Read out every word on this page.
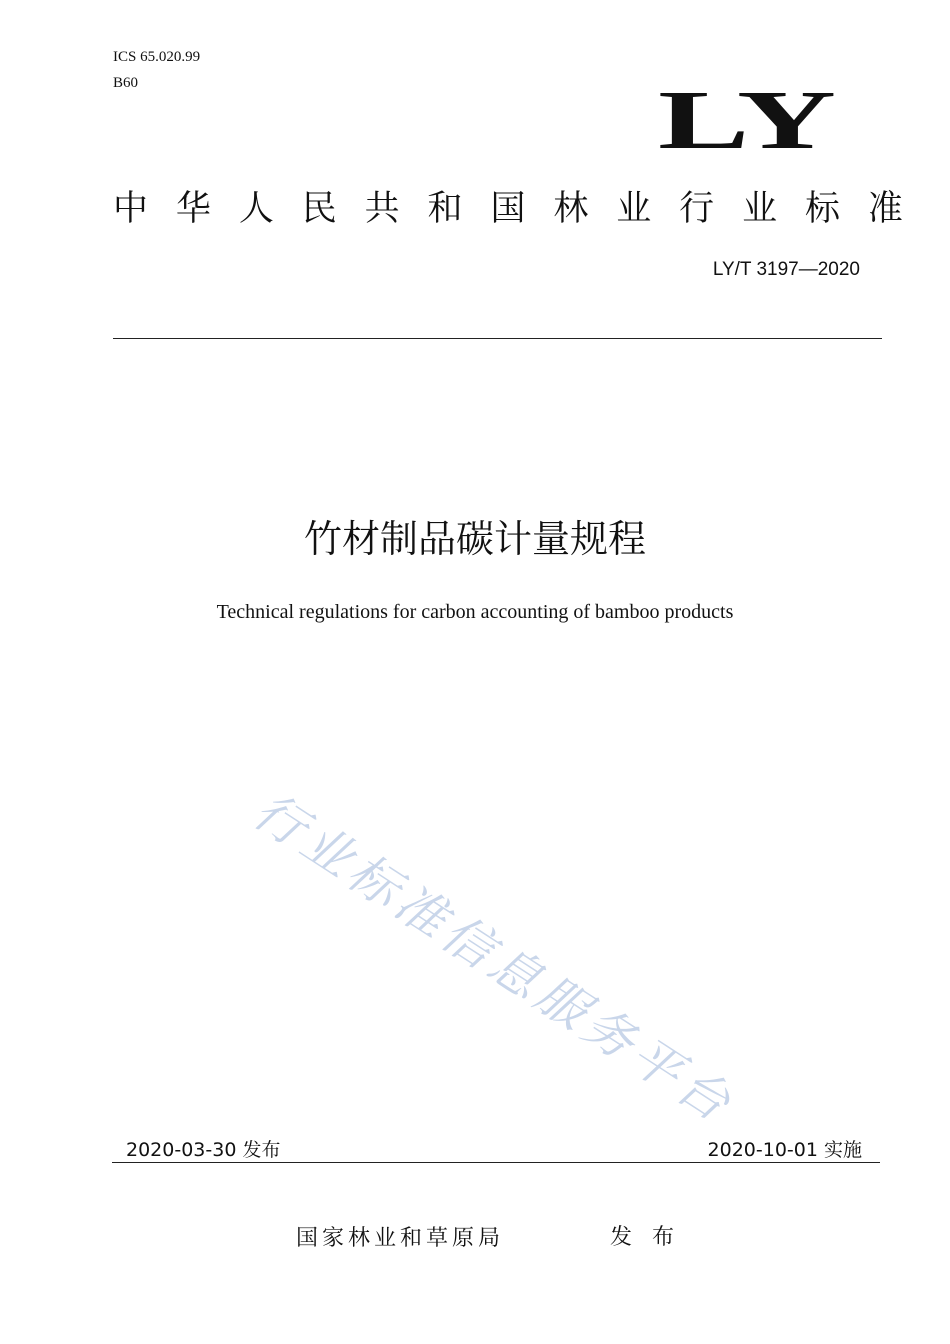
ICS 65.020.99
B60	LY
中 华 人 民 共 和 国 林 业 行 业 标 准
LY/T 3197—2020
竹材制品碳计量规程
Technical regulations for carbon accounting of bamboo products
行业标准信息服务平台
2020-03-30 发布	2020-10-01 实施
国家林业和草原局	发布
